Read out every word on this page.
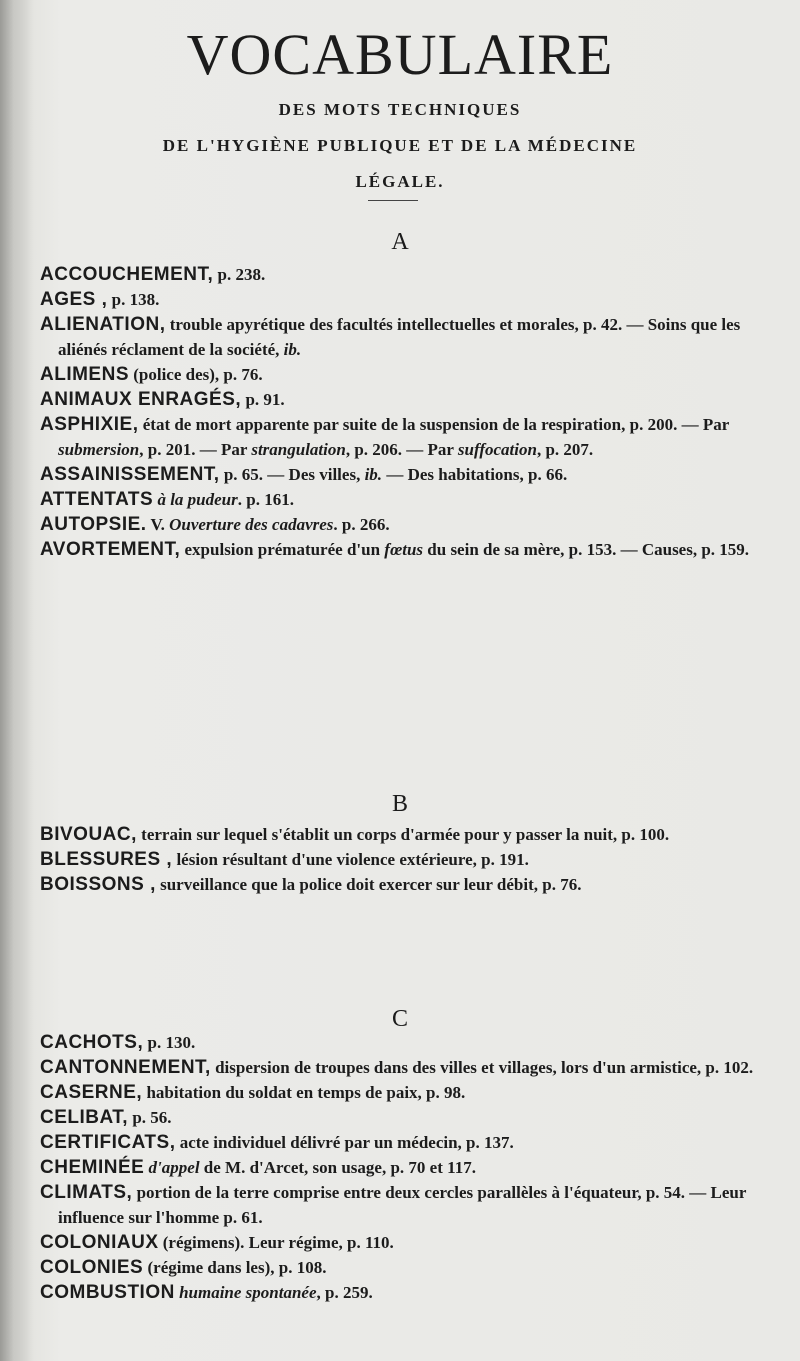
VOCABULAIRE
DES MOTS TECHNIQUES
DE L'HYGIÈNE PUBLIQUE ET DE LA MÉDECINE
LÉGALE.
A

ACCOUCHEMENT, p. 238.

AGES , p. 138.

ALIENATION, trouble apyrétique des facultés intellectuelles et morales, p. 42. — Soins que les aliénés réclament de la société, ib.

ALIMENS (police des), p. 76.

ANIMAUX ENRAGÉS, p. 91.

ASPHIXIE, état de mort apparente par suite de la suspension de la respiration, p. 200. — Par submersion, p. 201. — Par strangulation, p. 206. — Par suffocation, p. 207.

ASSAINISSEMENT, p. 65. — Des villes, ib. — Des habitations, p. 66.

ATTENTATS à la pudeur. p. 161.

AUTOPSIE. V. Ouverture des cadavres. p. 266.

AVORTEMENT, expulsion prématurée d'un fœtus du sein de sa mère, p. 153. — Causes, p. 159.

B

BIVOUAC, terrain sur lequel s'établit un corps d'armée pour y passer la nuit, p. 100.

BLESSURES , lésion résultant d'une violence extérieure, p. 191.

BOISSONS , surveillance que la police doit exercer sur leur débit, p. 76.

C

CACHOTS, p. 130.

CANTONNEMENT, dispersion de troupes dans des villes et villages, lors d'un armistice, p. 102.

CASERNE, habitation du soldat en temps de paix, p. 98.

CELIBAT, p. 56.

CERTIFICATS, acte individuel délivré par un médecin, p. 137.

CHEMINÉE d'appel de M. d'Arcet, son usage, p. 70 et 117.

CLIMATS, portion de la terre comprise entre deux cercles parallèles à l'équateur, p. 54. — Leur influence sur l'homme p. 61.

COLONIAUX (régimens). Leur régime, p. 110.

COLONIES (régime dans les), p. 108.

COMBUSTION humaine spontanée, p. 259.
